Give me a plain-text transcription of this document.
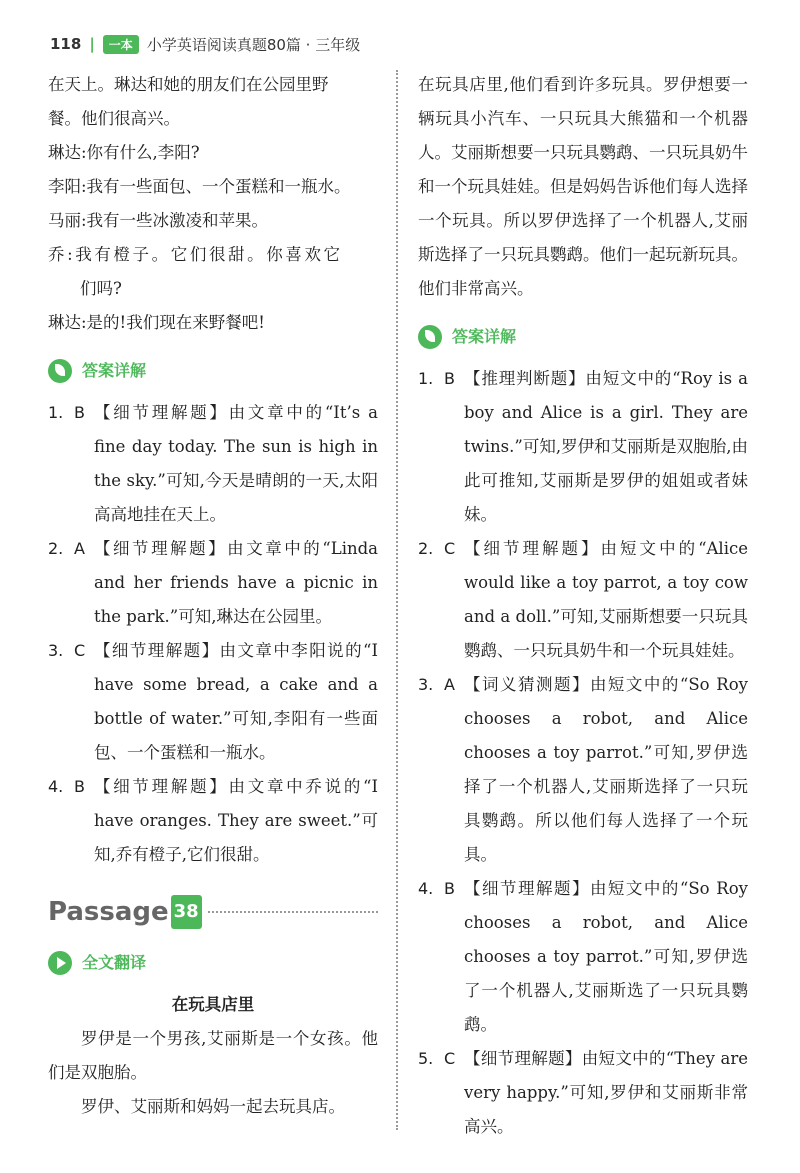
118 |	一本 小学英语阅读真题80篇 · 三年级

在天上。琳达和她的朋友们在公园里野

餐。他们很高兴。

琳达:你有什么,李阳?

李阳:我有一些面包、一个蛋糕和一瓶水。

马丽:我有一些冰激凌和苹果。

乔:我有橙子。它们很甜。你喜欢它

们吗?

琳达:是的!我们现在来野餐吧!

答案详解
1. B 【细节理解题】由文章中的“It’s a fine day today. The sun is high in the sky.”可知,今天是晴朗的一天,太阳高高地挂在天上。
2. A 【细节理解题】由文章中的“Linda and her friends have a picnic in the park.”可知,琳达在公园里。
3. C 【细节理解题】由文章中李阳说的“I have some bread, a cake and a bottle of water.”可知,李阳有一些面包、一个蛋糕和一瓶水。
4. B 【细节理解题】由文章中乔说的“I have oranges. They are sweet.”可知,乔有橙子,它们很甜。
Passage 38
全文翻译

在玩具店里

罗伊是一个男孩,艾丽斯是一个女孩。他们是双胞胎。

罗伊、艾丽斯和妈妈一起去玩具店。

在玩具店里,他们看到许多玩具。罗伊想要一辆玩具小汽车、一只玩具大熊猫和一个机器人。艾丽斯想要一只玩具鹦鹉、一只玩具奶牛和一个玩具娃娃。但是妈妈告诉他们每人选择一个玩具。所以罗伊选择了一个机器人,艾丽斯选择了一只玩具鹦鹉。他们一起玩新玩具。他们非常高兴。

答案详解
1. B 【推理判断题】由短文中的“Roy is a boy and Alice is a girl. They are twins.”可知,罗伊和艾丽斯是双胞胎,由此可推知,艾丽斯是罗伊的姐姐或者妹妹。
2. C 【细节理解题】由短文中的“Alice would like a toy parrot, a toy cow and a doll.”可知,艾丽斯想要一只玩具鹦鹉、一只玩具奶牛和一个玩具娃娃。
3. A 【词义猜测题】由短文中的“So Roy chooses a robot, and Alice chooses a toy parrot.”可知,罗伊选择了一个机器人,艾丽斯选择了一只玩具鹦鹉。所以他们每人选择了一个玩具。
4. B 【细节理解题】由短文中的“So Roy chooses a robot, and Alice chooses a toy parrot.”可知,罗伊选了一个机器人,艾丽斯选了一只玩具鹦鹉。
5. C 【细节理解题】由短文中的“They are very happy.”可知,罗伊和艾丽斯非常高兴。
